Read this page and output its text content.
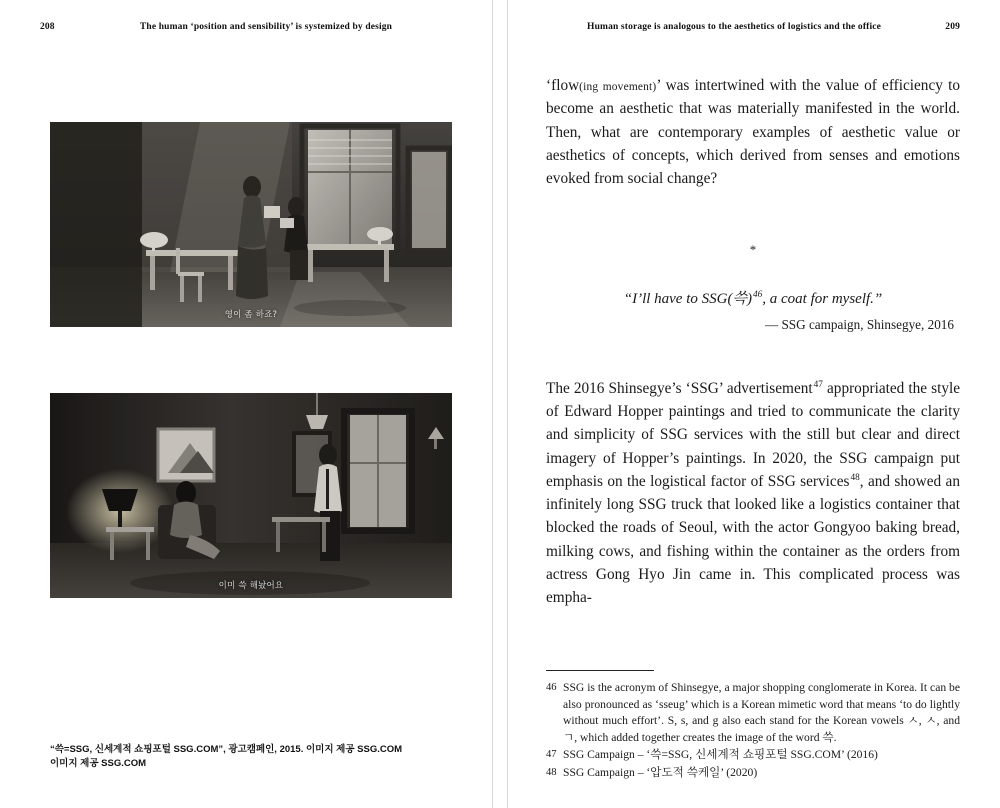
208	The human ‘position and sensibility’ is systemized by design
영이 좀 하죠?
이미 쓱 해놨어요
“쓱=SSG, 신세계적 쇼핑포털 SSG.COM”, 광고캠페인, 2015. 이미지 제공 SSG.COM
이미지 제공 SSG.COM
Human storage is analogous to the aesthetics of logistics and the office	209

‘flow(ing movement)’ was intertwined with the value of efficiency to become an aesthetic that was materially manifested in the world. Then, what are contemporary examples of aesthetic value or aesthetics of concepts, which derived from senses and emotions evoked from social change?

*

“I’ll have to SSG(쓱)$^{46}$, a coat for myself.”

— SSG campaign, Shinsegye, 2016

The 2016 Shinsegye’s ‘SSG’ advertisement$^{47}$ appropriated the style of Edward Hopper paintings and tried to communicate the clarity and simplicity of SSG services with the still but clear and direct imagery of Hopper’s paintings. In 2020, the SSG campaign put emphasis on the logistical factor of SSG services$^{48}$, and showed an infinitely long SSG truck that looked like a logistics container that blocked the roads of Seoul, with the actor Gongyoo baking bread, milking cows, and fishing within the container as the orders from actress Gong Hyo Jin came in. This complicated process was empha-

46 SSG is the acronym of Shinsegye, a major shopping conglomerate in Korea. It can be also pronounced as ‘sseug’ which is a Korean mimetic word that means ‘to do lightly without much effort’. S, s, and g also each stand for the Korean vowels ㅅ, ㅅ, and ㄱ, which added together creates the image of the word 쓱.
47 SSG Campaign – ‘쓱=SSG, 신세계적 쇼핑포털 SSG.COM’ (2016)
48 SSG Campaign – ‘압도적 쓱케일’ (2020)
